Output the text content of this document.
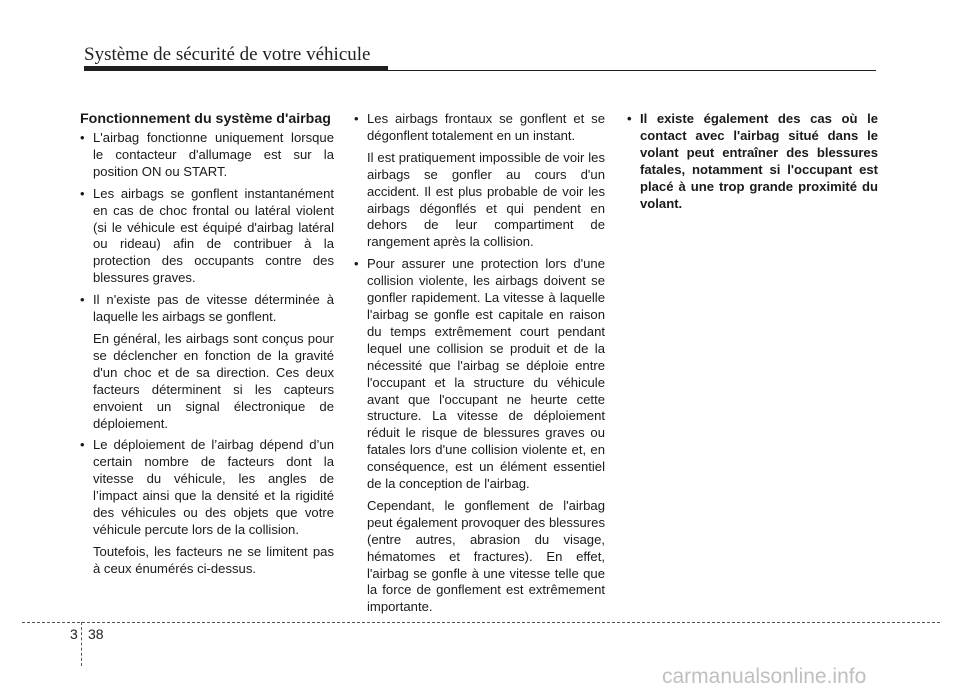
Système de sécurité de votre véhicule
Fonctionnement du système d'airbag
• L'airbag fonctionne uniquement lorsque le contacteur d'allumage est sur la position ON ou START.
• Les airbags se gonflent instantanément en cas de choc frontal ou latéral violent (si le véhicule est équipé d'airbag latéral ou rideau) afin de contribuer à la protection des occupants contre des blessures graves.
• Il n'existe pas de vitesse déterminée à laquelle les airbags se gonflent.
En général, les airbags sont conçus pour se déclencher en fonction de la gravité d'un choc et de sa direction. Ces deux facteurs déterminent si les capteurs envoient un signal électronique de déploiement.
• Le déploiement de l’airbag dépend d’un certain nombre de facteurs dont la vitesse du véhicule, les angles de l’impact ainsi que la densité et la rigidité des véhicules ou des objets que votre véhicule percute lors de la collision.
Toutefois, les facteurs ne se limitent pas à ceux énumérés ci-dessus.
• Les airbags frontaux se gonflent et se dégonflent totalement en un instant.
Il est pratiquement impossible de voir les airbags se gonfler au cours d'un accident. Il est plus probable de voir les airbags dégonflés et qui pendent en dehors de leur compartiment de rangement après la collision.
• Pour assurer une protection lors d'une collision violente, les airbags doivent se gonfler rapidement. La vitesse à laquelle l'airbag se gonfle est capitale en raison du temps extrêmement court pendant lequel une collision se produit et de la nécessité que l'airbag se déploie entre l'occupant et la structure du véhicule avant que l'occupant ne heurte cette structure. La vitesse de déploiement réduit le risque de blessures graves ou fatales lors d'une collision violente et, en conséquence, est un élément essentiel de la conception de l'airbag.
Cependant, le gonflement de l'airbag peut également provoquer des blessures (entre autres, abrasion du visage, hématomes et fractures). En effet, l'airbag se gonfle à une vitesse telle que la force de gonflement est extrêmement importante.
• Il existe également des cas où le contact avec l'airbag situé dans le volant peut entraîner des blessures fatales, notamment si l'occupant est placé à une trop grande proximité du volant.
3 38
carmanualsonline.info
